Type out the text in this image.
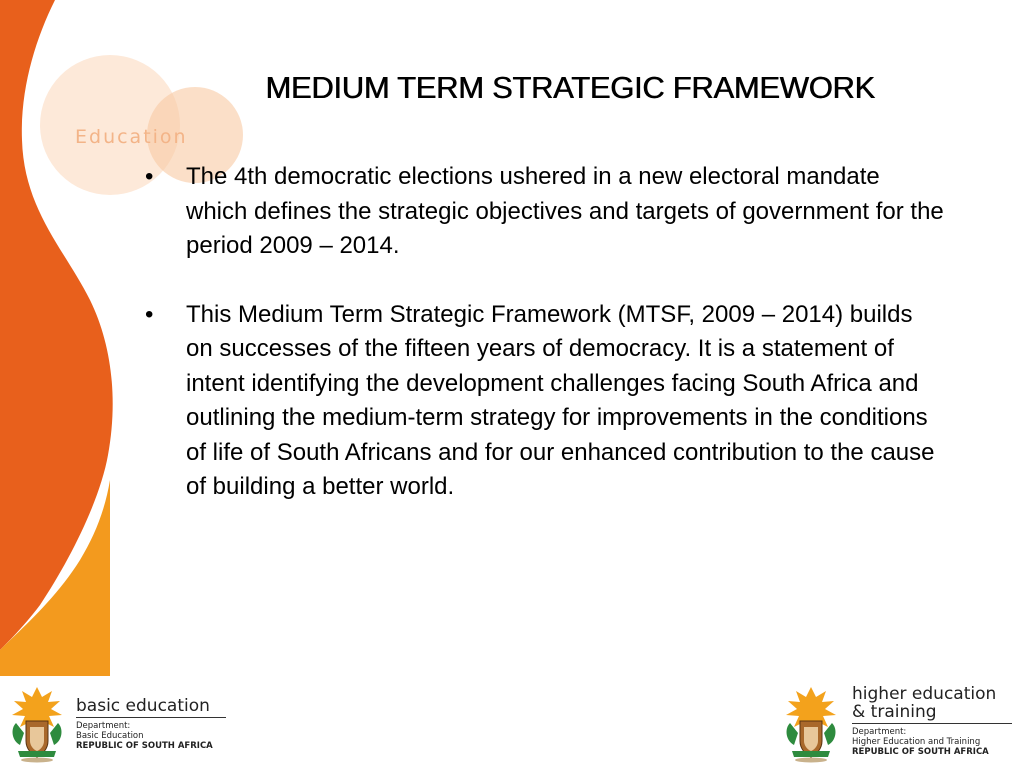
Education
MEDIUM TERM STRATEGIC FRAMEWORK
• The 4th democratic elections ushered in a new electoral mandate which defines the strategic objectives and targets of government for the period 2009 – 2014.
• This Medium Term Strategic Framework (MTSF, 2009 – 2014) builds on successes of the fifteen years of democracy. It is a statement of intent identifying the development challenges facing South Africa and outlining the medium-term strategy for improvements in the conditions of life of South Africans and for our enhanced contribution to the cause of building a better world.
basic education
Department:
Basic Education
REPUBLIC OF SOUTH AFRICA
higher education
& training
Department:
Higher Education and Training
REPUBLIC OF SOUTH AFRICA
